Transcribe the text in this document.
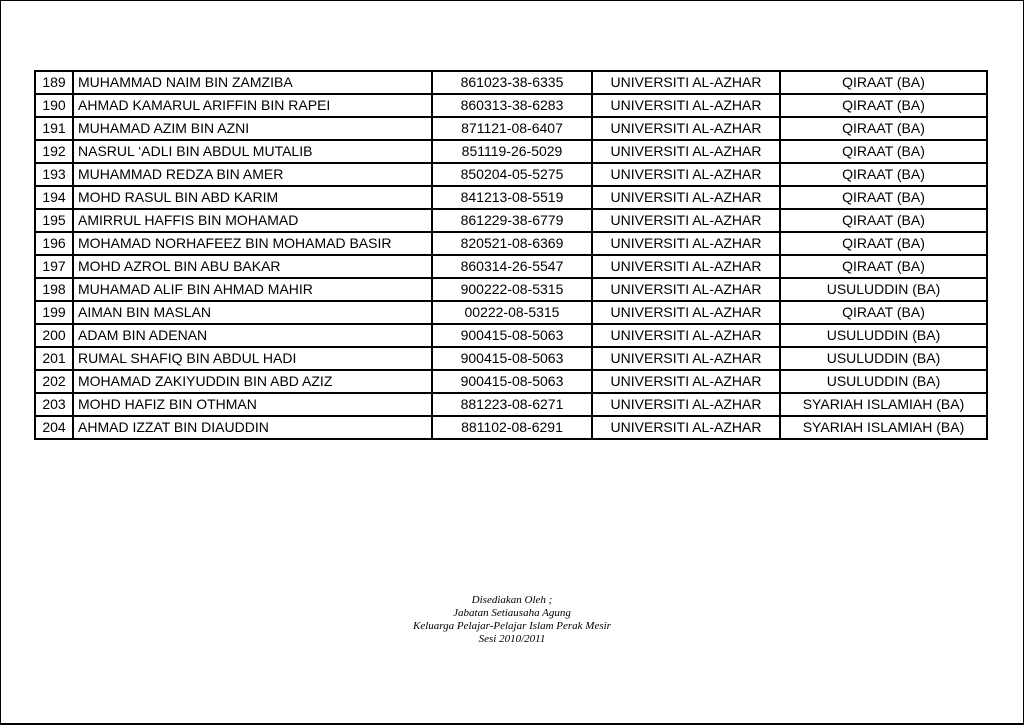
189	MUHAMMAD NAIM BIN ZAMZIBA	861023-38-6335	UNIVERSITI AL-AZHAR	QIRAAT (BA)
190	AHMAD KAMARUL ARIFFIN BIN RAPEI	860313-38-6283	UNIVERSITI AL-AZHAR	QIRAAT (BA)
191	MUHAMAD AZIM BIN AZNI	871121-08-6407	UNIVERSITI AL-AZHAR	QIRAAT (BA)
192	NASRUL ‘ADLI BIN ABDUL MUTALIB	851119-26-5029	UNIVERSITI AL-AZHAR	QIRAAT (BA)
193	MUHAMMAD REDZA BIN AMER	850204-05-5275	UNIVERSITI AL-AZHAR	QIRAAT (BA)
194	MOHD RASUL BIN ABD KARIM	841213-08-5519	UNIVERSITI AL-AZHAR	QIRAAT (BA)
195	AMIRRUL HAFFIS BIN MOHAMAD	861229-38-6779	UNIVERSITI AL-AZHAR	QIRAAT (BA)
196	MOHAMAD NORHAFEEZ BIN MOHAMAD BASIR	820521-08-6369	UNIVERSITI AL-AZHAR	QIRAAT (BA)
197	MOHD AZROL BIN ABU BAKAR	860314-26-5547	UNIVERSITI AL-AZHAR	QIRAAT (BA)
198	MUHAMAD ALIF BIN AHMAD MAHIR	900222-08-5315	UNIVERSITI AL-AZHAR	USULUDDIN (BA)
199	AIMAN BIN MASLAN	00222-08-5315	UNIVERSITI AL-AZHAR	QIRAAT (BA)
200	ADAM BIN ADENAN	900415-08-5063	UNIVERSITI AL-AZHAR	USULUDDIN (BA)
201	RUMAL SHAFIQ BIN ABDUL HADI	900415-08-5063	UNIVERSITI AL-AZHAR	USULUDDIN (BA)
202	MOHAMAD ZAKIYUDDIN BIN ABD AZIZ	900415-08-5063	UNIVERSITI AL-AZHAR	USULUDDIN (BA)
203	MOHD HAFIZ BIN OTHMAN	881223-08-6271	UNIVERSITI AL-AZHAR	SYARIAH ISLAMIAH (BA)
204	AHMAD IZZAT BIN DIAUDDIN	881102-08-6291	UNIVERSITI AL-AZHAR	SYARIAH ISLAMIAH (BA)
Disediakan Oleh ;
Jabatan Setiausaha Agung
Keluarga Pelajar-Pelajar Islam Perak Mesir
Sesi 2010/2011
